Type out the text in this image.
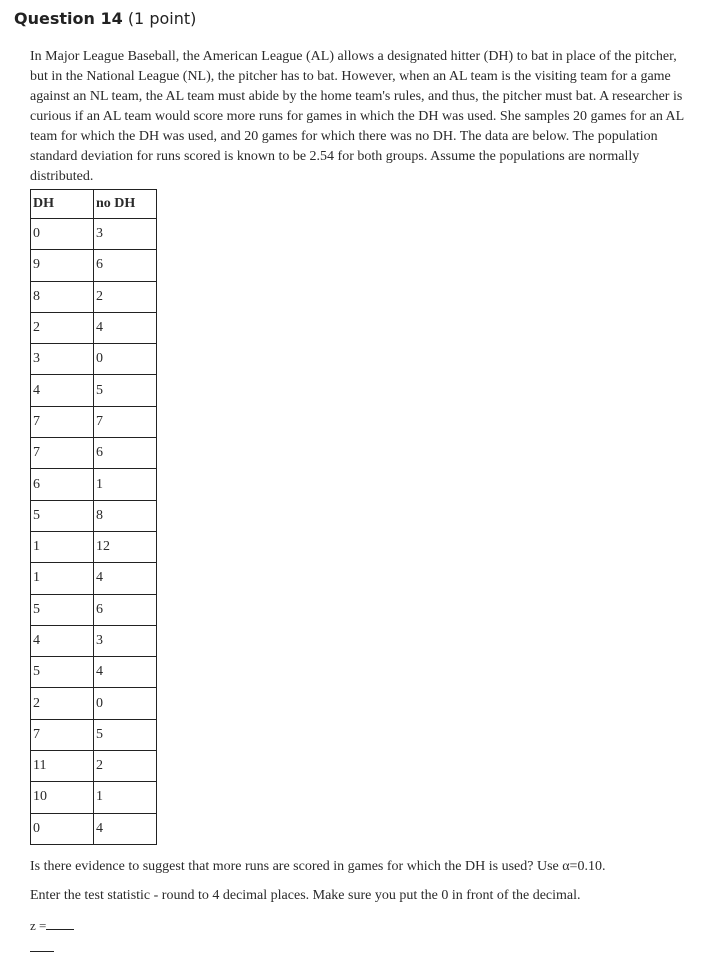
Question 14 (1 point)

In Major League Baseball, the American League (AL) allows a designated hitter (DH) to bat in place of the pitcher, but in the National League (NL), the pitcher has to bat. However, when an AL team is the visiting team for a game against an NL team, the AL team must abide by the home team's rules, and thus, the pitcher must bat. A researcher is curious if an AL team would score more runs for games in which the DH was used. She samples 20 games for an AL team for which the DH was used, and 20 games for which there was no DH. The data are below. The population standard deviation for runs scored is known to be 2.54 for both groups. Assume the populations are normally distributed.

DH	no DH
0	3
9	6
8	2
2	4
3	0
4	5
7	7
7	6
6	1
5	8
1	12
1	4
5	6
4	3
5	4
2	0
7	5
11	2
10	1
0	4

Is there evidence to suggest that more runs are scored in games for which the DH is used? Use α=0.10.

Enter the test statistic - round to 4 decimal places. Make sure you put the 0 in front of the decimal.

z =
